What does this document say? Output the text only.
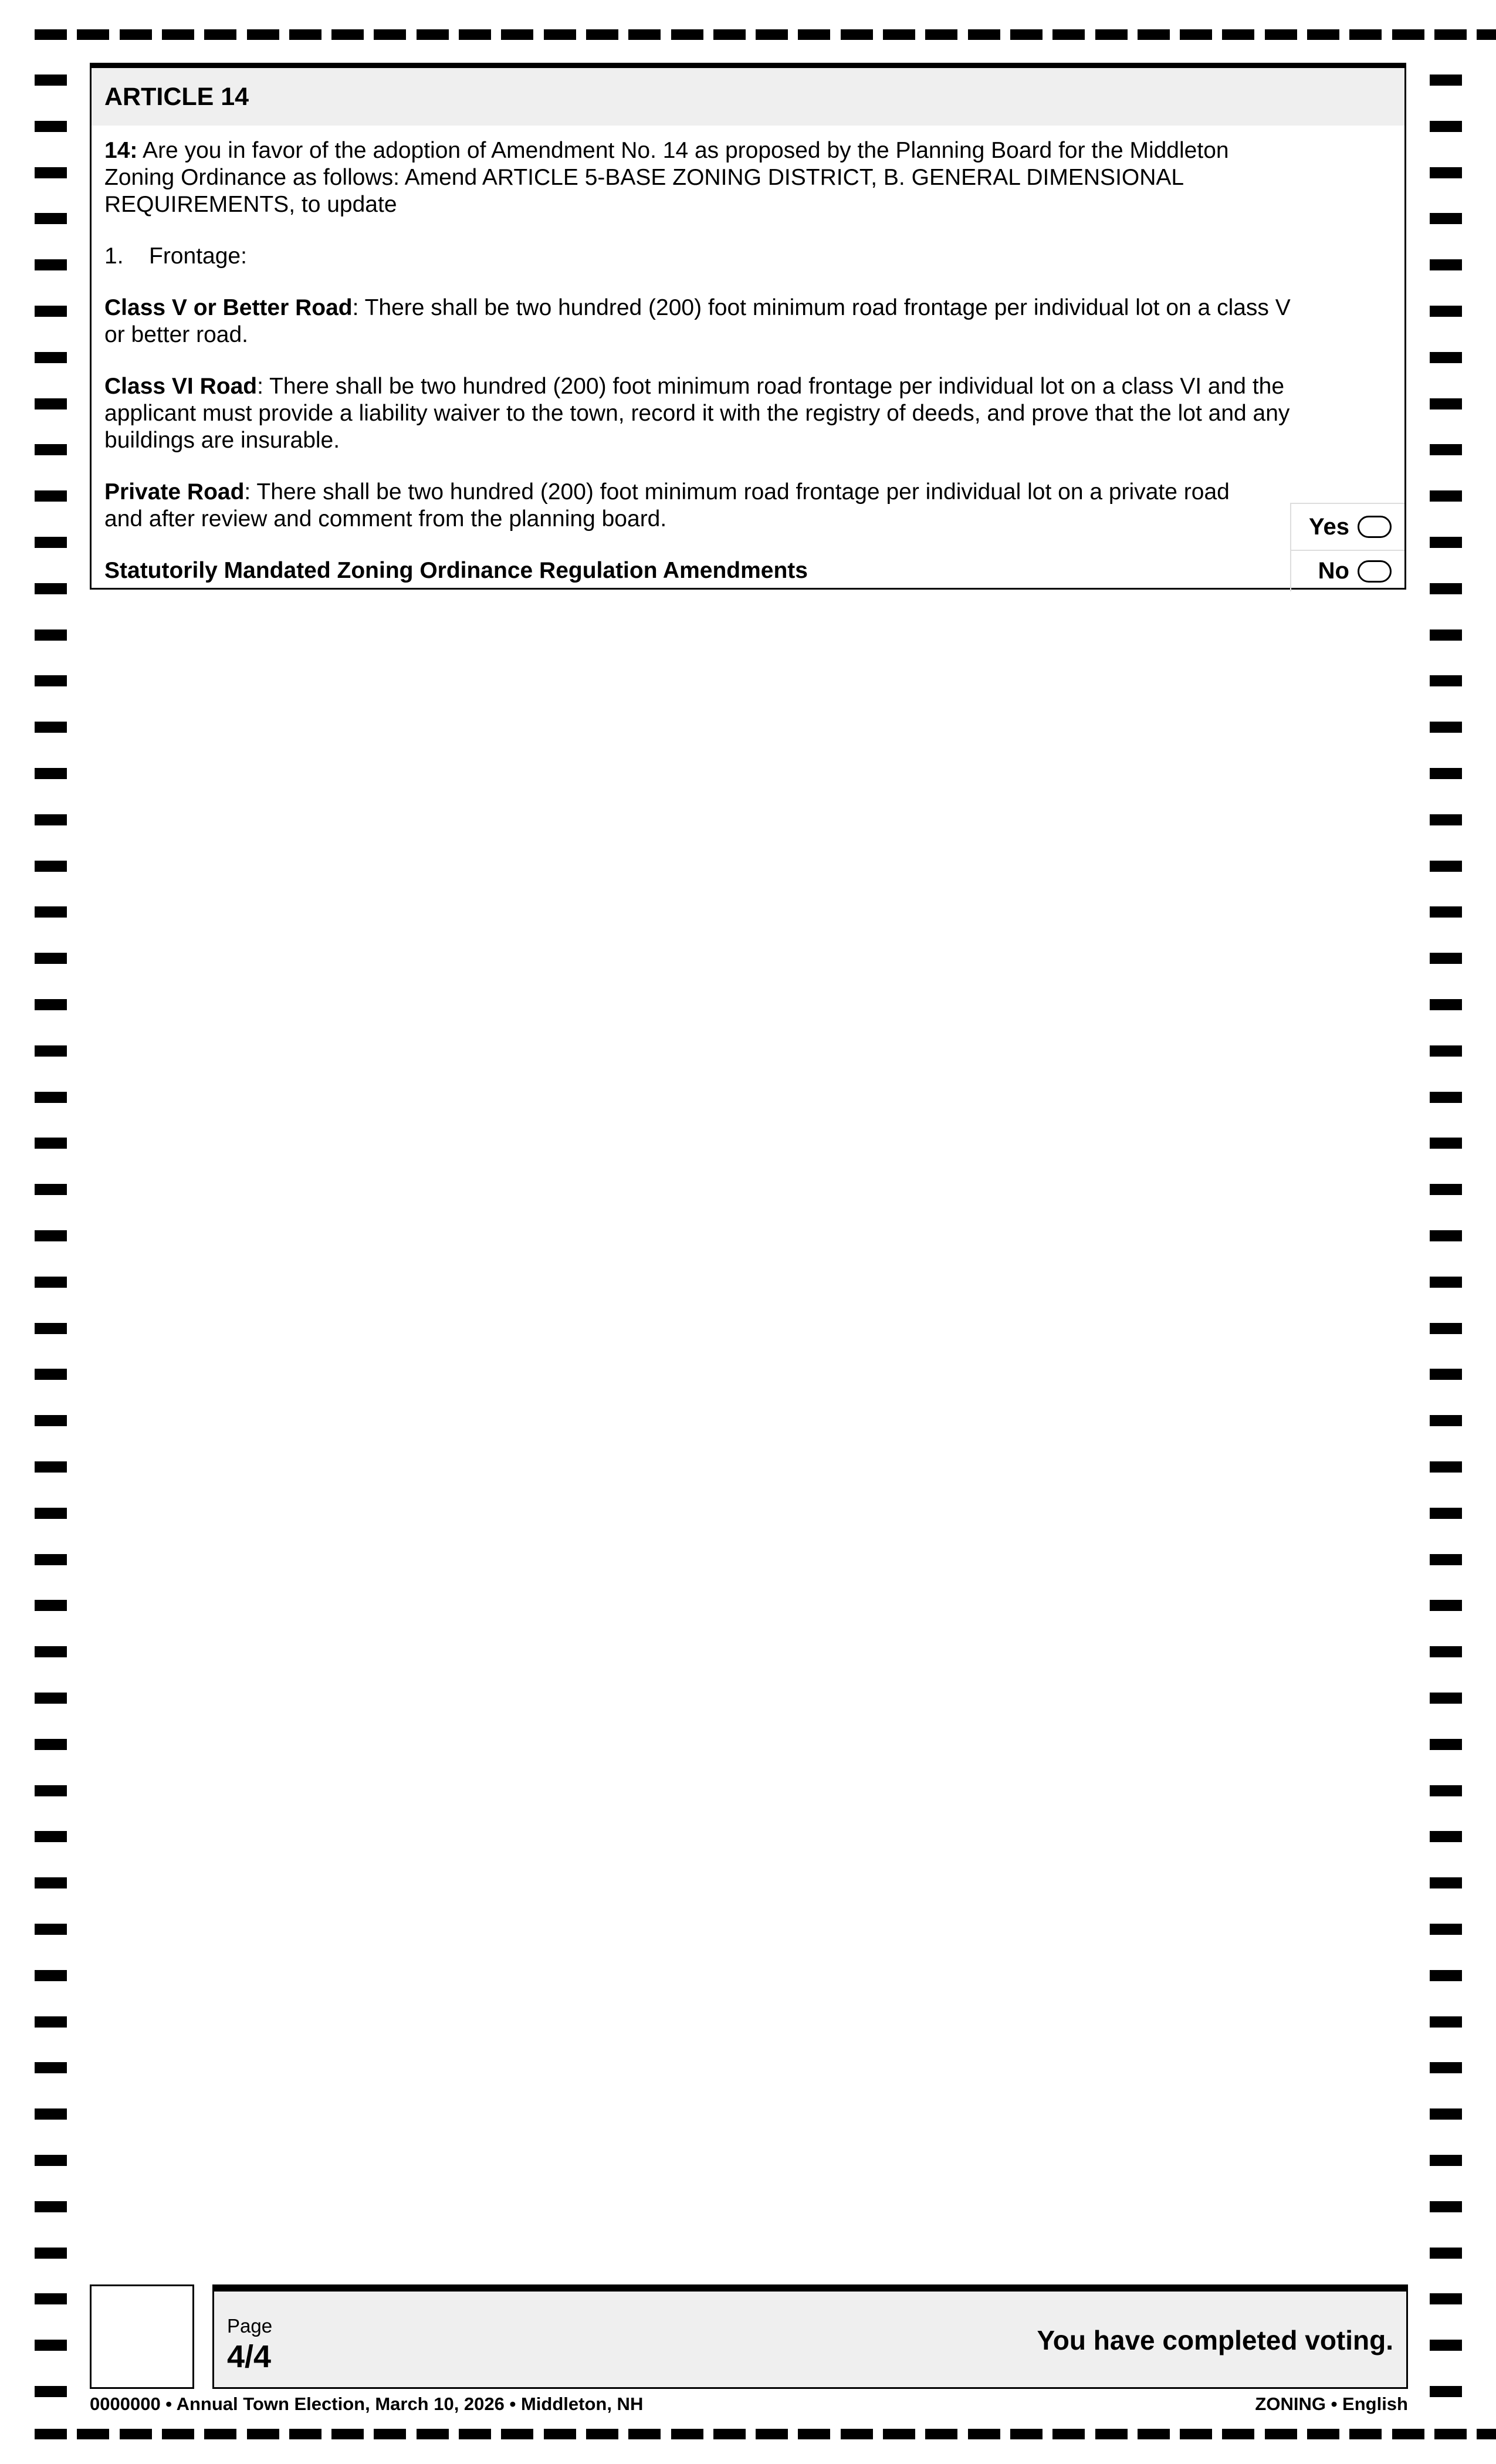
ARTICLE 14

14: Are you in favor of the adoption of Amendment No. 14 as proposed by the Planning Board for the Middleton Zoning Ordinance as follows: Amend ARTICLE 5-BASE ZONING DISTRICT, B. GENERAL DIMENSIONAL REQUIREMENTS, to update

1. Frontage:

Class V or Better Road: There shall be two hundred (200) foot minimum road frontage per individual lot on a class V or better road.

Class VI Road: There shall be two hundred (200) foot minimum road frontage per individual lot on a class VI and the applicant must provide a liability waiver to the town, record it with the registry of deeds, and prove that the lot and any buildings are insurable.

Private Road: There shall be two hundred (200) foot minimum road frontage per individual lot on a private road and after review and comment from the planning board.

Statutorily Mandated Zoning Ordinance Regulation Amendments

Yes
No
Page
4/4	You have completed voting.
0000000 • Annual Town Election, March 10, 2026 • Middleton, NH	ZONING • English
